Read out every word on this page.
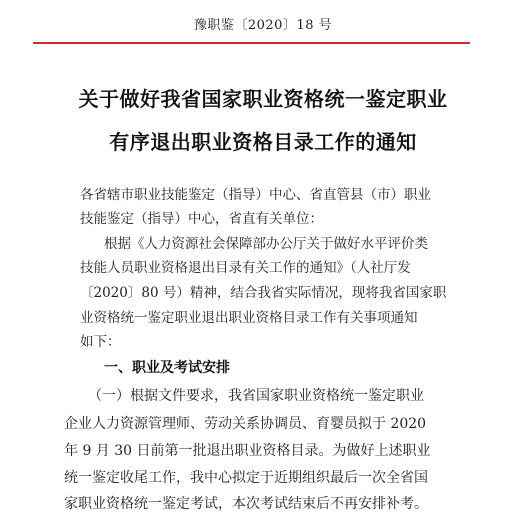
豫职鉴〔2020〕18 号
关于做好我省国家职业资格统一鉴定职业
有序退出职业资格目录工作的通知
各省辖市职业技能鉴定（指导）中心、省直管县（市）职业
技能鉴定（指导）中心，省直有关单位：
根据《人力资源社会保障部办公厅关于做好水平评价类
技能人员职业资格退出目录有关工作的通知》（人社厅发
〔2020〕80 号）精神，结合我省实际情况，现将我省国家职
业资格统一鉴定职业退出职业资格目录工作有关事项通知
如下：
一、职业及考试安排
（一）根据文件要求，我省国家职业资格统一鉴定职业
企业人力资源管理师、劳动关系协调员、育婴员拟于 2020
年 9 月 30 日前第一批退出职业资格目录。为做好上述职业
统一鉴定收尾工作，我中心拟定于近期组织最后一次全省国
家职业资格统一鉴定考试，本次考试结束后不再安排补考。
